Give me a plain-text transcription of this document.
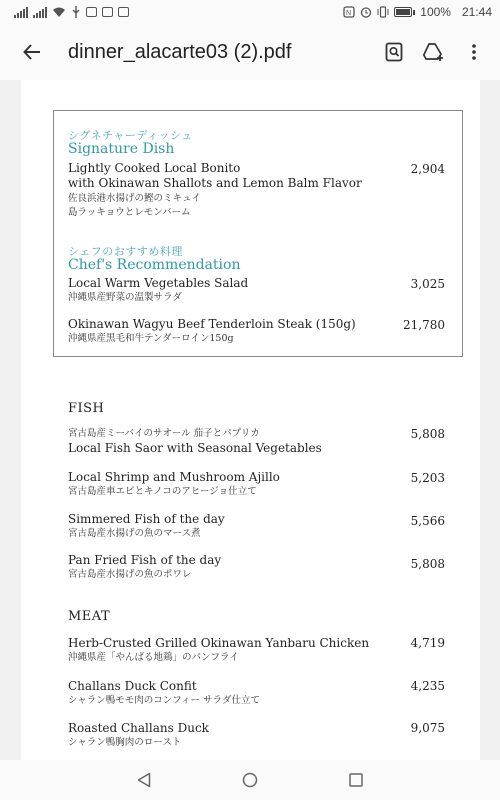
N	100% 21:44
dinner_alacarte03 (2).pdf
シグネチャーディッシュ
Signature Dish
Lightly Cooked Local Bonito
with Okinawan Shallots and Lemon Balm Flavor
佐良浜港水揚げの鰹のミキュイ
島ラッキョウとレモンバーム
2,904
シェフのおすすめ料理
Chef's Recommendation
Local Warm Vegetables Salad
沖縄県産野菜の温製サラダ
3,025
Okinawan Wagyu Beef Tenderloin Steak (150g)
沖縄県産黒毛和牛テンダーロイン150g
21,780
FISH
宮古島産ミーバイのサオール 茄子とパプリカ
Local Fish Saor with Seasonal Vegetables
5,808
Local Shrimp and Mushroom Ajillo
宮古島産車エビとキノコのアヒージョ仕立て
5,203
Simmered Fish of the day
宮古島産水揚げの魚のマース煮
5,566
Pan Fried Fish of the day
宮古島産水揚げの魚のポワレ
5,808
MEAT
Herb-Crusted Grilled Okinawan Yanbaru Chicken
沖縄県産「やんばる地鶏」のパンフライ
4,719
Challans Duck Confit
シャラン鴨モモ肉のコンフィー サラダ仕立て
4,235
Roasted Challans Duck
シャラン鴨胸肉のロースト
9,075
